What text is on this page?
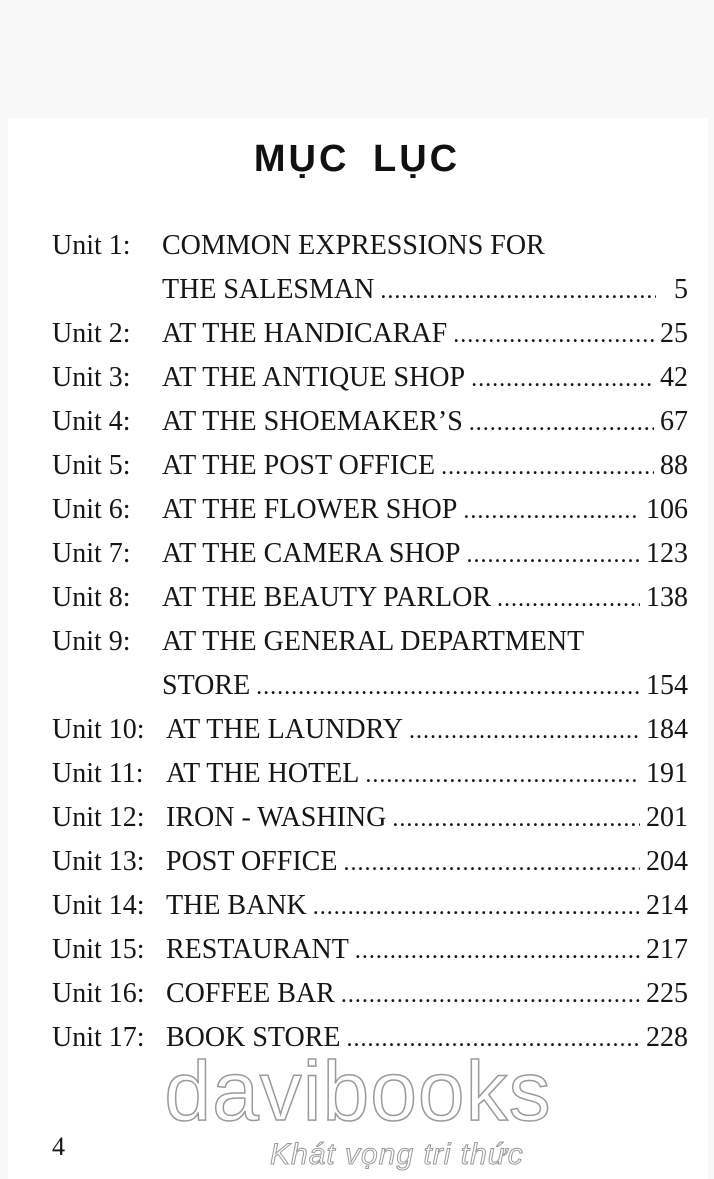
MỤC LỤC
Unit 1: COMMON EXPRESSIONS FOR
THE SALESMAN .....	5
Unit 2: AT THE HANDICARAF .....	25
Unit 3: AT THE ANTIQUE SHOP .....	42
Unit 4: AT THE SHOEMAKER’S .....	67
Unit 5: AT THE POST OFFICE .....	88
Unit 6: AT THE FLOWER SHOP .....	106
Unit 7: AT THE CAMERA SHOP .....	123
Unit 8: AT THE BEAUTY PARLOR .....	138
Unit 9: AT THE GENERAL DEPARTMENT
STORE .....	154
Unit 10: AT THE LAUNDRY .....	184
Unit 11: AT THE HOTEL .....	191
Unit 12: IRON - WASHING .....	201
Unit 13: POST OFFICE .....	204
Unit 14: THE BANK .....	214
Unit 15: RESTAURANT .....	217
Unit 16: COFFEE BAR .....	225
Unit 17: BOOK STORE .....	228
davibooks
Khát vọng tri thức
4
